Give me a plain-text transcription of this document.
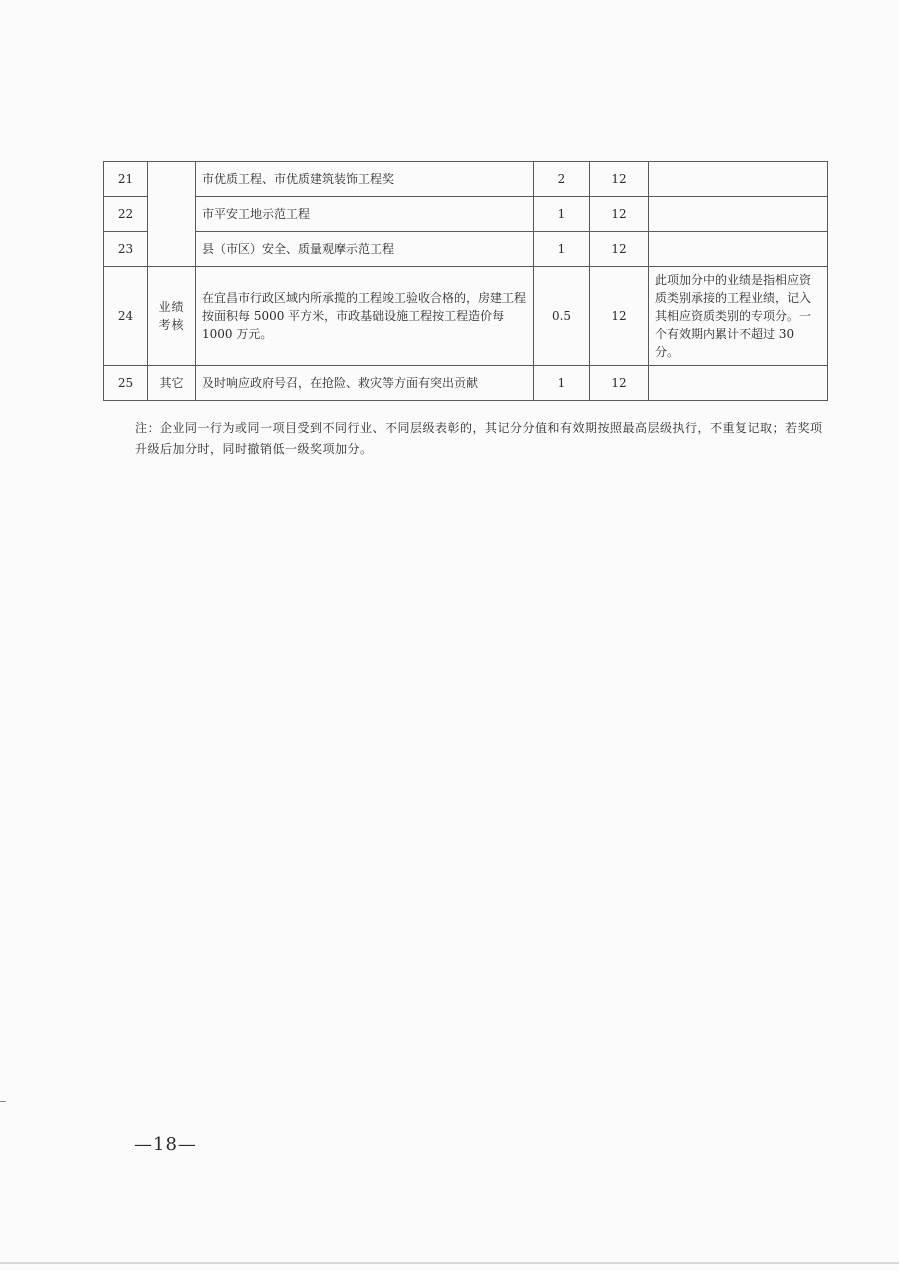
21		市优质工程、市优质建筑装饰工程奖	2	12	
22		市平安工地示范工程	1	12	
23		县（市区）安全、质量观摩示范工程	1	12	
24	业绩考核	在宜昌市行政区域内所承揽的工程竣工验收合格的，房建工程按面积每 5000 平方米，市政基础设施工程按工程造价每 1000 万元。	0.5	12	此项加分中的业绩是指相应资质类别承接的工程业绩，记入其相应资质类别的专项分。一个有效期内累计不超过 30 分。
25	其它	及时响应政府号召，在抢险、救灾等方面有突出贡献	1	12	
注：企业同一行为或同一项目受到不同行业、不同层级表彰的，其记分分值和有效期按照最高层级执行，不重复记取；若奖项升级后加分时，同时撤销低一级奖项加分。
—18—
